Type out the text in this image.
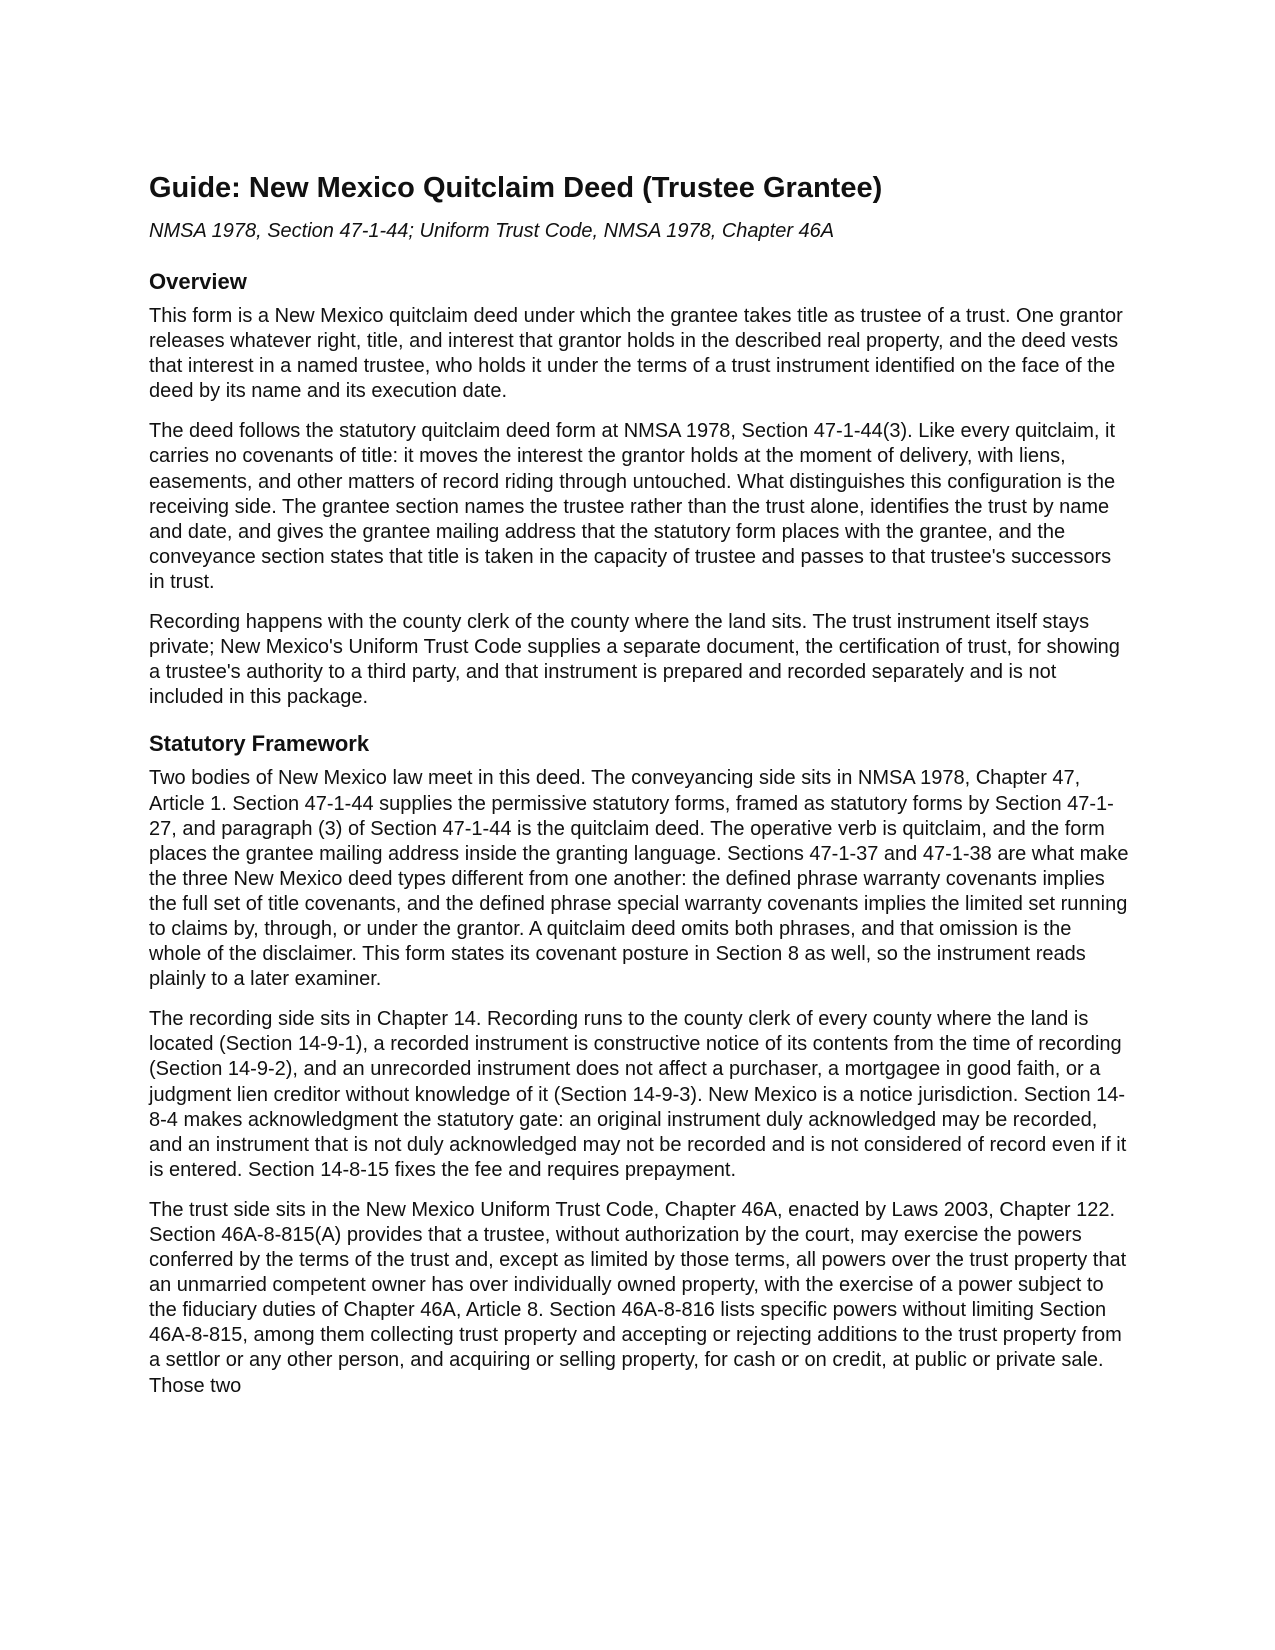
Guide: New Mexico Quitclaim Deed (Trustee Grantee)

NMSA 1978, Section 47-1-44; Uniform Trust Code, NMSA 1978, Chapter 46A

Overview

This form is a New Mexico quitclaim deed under which the grantee takes title as trustee of a trust. One grantor releases whatever right, title, and interest that grantor holds in the described real property, and the deed vests that interest in a named trustee, who holds it under the terms of a trust instrument identified on the face of the deed by its name and its execution date.

The deed follows the statutory quitclaim deed form at NMSA 1978, Section 47-1-44(3). Like every quitclaim, it carries no covenants of title: it moves the interest the grantor holds at the moment of delivery, with liens, easements, and other matters of record riding through untouched. What distinguishes this configuration is the receiving side. The grantee section names the trustee rather than the trust alone, identifies the trust by name and date, and gives the grantee mailing address that the statutory form places with the grantee, and the conveyance section states that title is taken in the capacity of trustee and passes to that trustee's successors in trust.

Recording happens with the county clerk of the county where the land sits. The trust instrument itself stays private; New Mexico's Uniform Trust Code supplies a separate document, the certification of trust, for showing a trustee's authority to a third party, and that instrument is prepared and recorded separately and is not included in this package.

Statutory Framework

Two bodies of New Mexico law meet in this deed. The conveyancing side sits in NMSA 1978, Chapter 47, Article 1. Section 47-1-44 supplies the permissive statutory forms, framed as statutory forms by Section 47-1-27, and paragraph (3) of Section 47-1-44 is the quitclaim deed. The operative verb is quitclaim, and the form places the grantee mailing address inside the granting language. Sections 47-1-37 and 47-1-38 are what make the three New Mexico deed types different from one another: the defined phrase warranty covenants implies the full set of title covenants, and the defined phrase special warranty covenants implies the limited set running to claims by, through, or under the grantor. A quitclaim deed omits both phrases, and that omission is the whole of the disclaimer. This form states its covenant posture in Section 8 as well, so the instrument reads plainly to a later examiner.

The recording side sits in Chapter 14. Recording runs to the county clerk of every county where the land is located (Section 14-9-1), a recorded instrument is constructive notice of its contents from the time of recording (Section 14-9-2), and an unrecorded instrument does not affect a purchaser, a mortgagee in good faith, or a judgment lien creditor without knowledge of it (Section 14-9-3). New Mexico is a notice jurisdiction. Section 14-8-4 makes acknowledgment the statutory gate: an original instrument duly acknowledged may be recorded, and an instrument that is not duly acknowledged may not be recorded and is not considered of record even if it is entered. Section 14-8-15 fixes the fee and requires prepayment.

The trust side sits in the New Mexico Uniform Trust Code, Chapter 46A, enacted by Laws 2003, Chapter 122. Section 46A-8-815(A) provides that a trustee, without authorization by the court, may exercise the powers conferred by the terms of the trust and, except as limited by those terms, all powers over the trust property that an unmarried competent owner has over individually owned property, with the exercise of a power subject to the fiduciary duties of Chapter 46A, Article 8. Section 46A-8-816 lists specific powers without limiting Section 46A-8-815, among them collecting trust property and accepting or rejecting additions to the trust property from a settlor or any other person, and acquiring or selling property, for cash or on credit, at public or private sale. Those two
